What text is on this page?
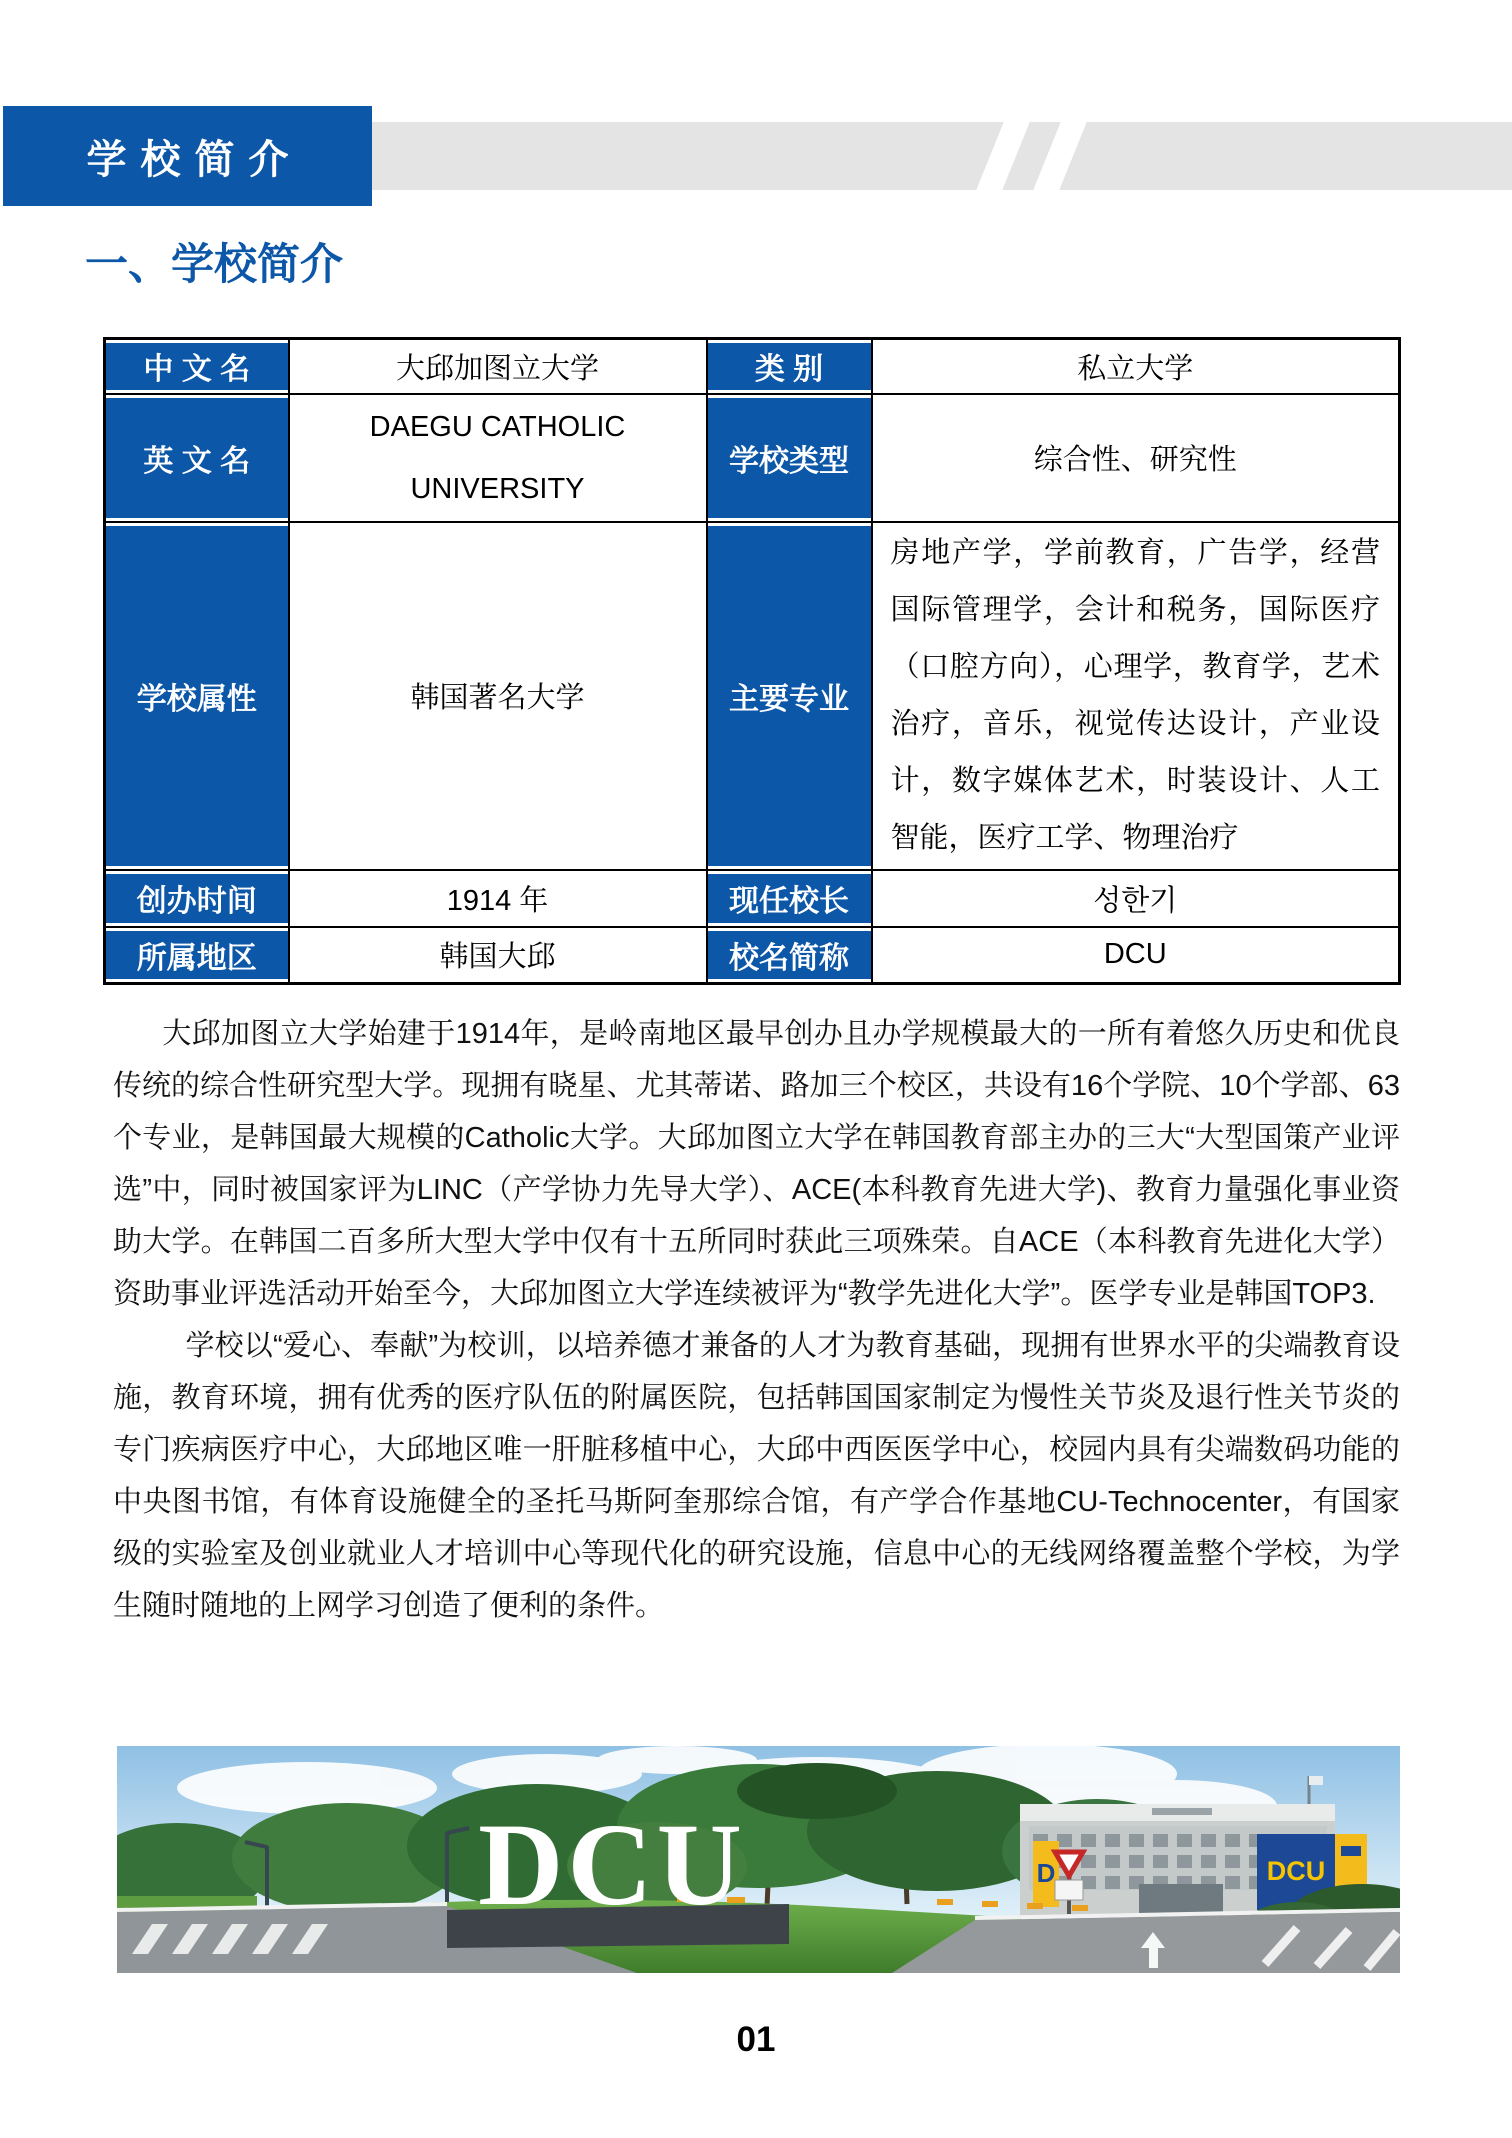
学校简介
一、学校简介
中 文 名	大邱加图立大学	类 别	私立大学

英 文 名	DAEGU CATHOLIC UNIVERSITY	学校类型	综合性、研究性

学校属性	韩国著名大学	主要专业	房地产学，学前教育，广告学，经营国际管理学，会计和税务，国际医疗（口腔方向），心理学，教育学，艺术治疗，音乐，视觉传达设计，产业设计，数字媒体艺术，时装设计、人工智能，医疗工学、物理治疗

创办时间	1914 年	现任校长	성한기

所属地区	韩国大邱	校名简称	DCU

大邱加图立大学始建于1914年，是岭南地区最早创办且办学规模最大的一所有着悠久历史和优良传统的综合性研究型大学。现拥有晓星、尤其蒂诺、路加三个校区，共设有16个学院、10个学部、63个专业，是韩国最大规模的Catholic大学。大邱加图立大学在韩国教育部主办的三大“大型国策产业评选”中，同时被国家评为LINC（产学协力先导大学）、ACE(本科教育先进大学)、教育力量强化事业资助大学。在韩国二百多所大型大学中仅有十五所同时获此三项殊荣。自ACE（本科教育先进化大学）资助事业评选活动开始至今，大邱加图立大学连续被评为“教学先进化大学”。医学专业是韩国TOP3.

学校以“爱心、奉献”为校训，以培养德才兼备的人才为教育基础，现拥有世界水平的尖端教育设施，教育环境，拥有优秀的医疗队伍的附属医院，包括韩国国家制定为慢性关节炎及退行性关节炎的专门疾病医疗中心，大邱地区唯一肝脏移植中心，大邱中西医医学中心，校园内具有尖端数码功能的中央图书馆，有体育设施健全的圣托马斯阿奎那综合馆，有产学合作基地CU-Technocenter，有国家级的实验室及创业就业人才培训中心等现代化的研究设施，信息中心的无线网络覆盖整个学校，为学生随时随地的上网学习创造了便利的条件。

D	DCU
DCU
01
